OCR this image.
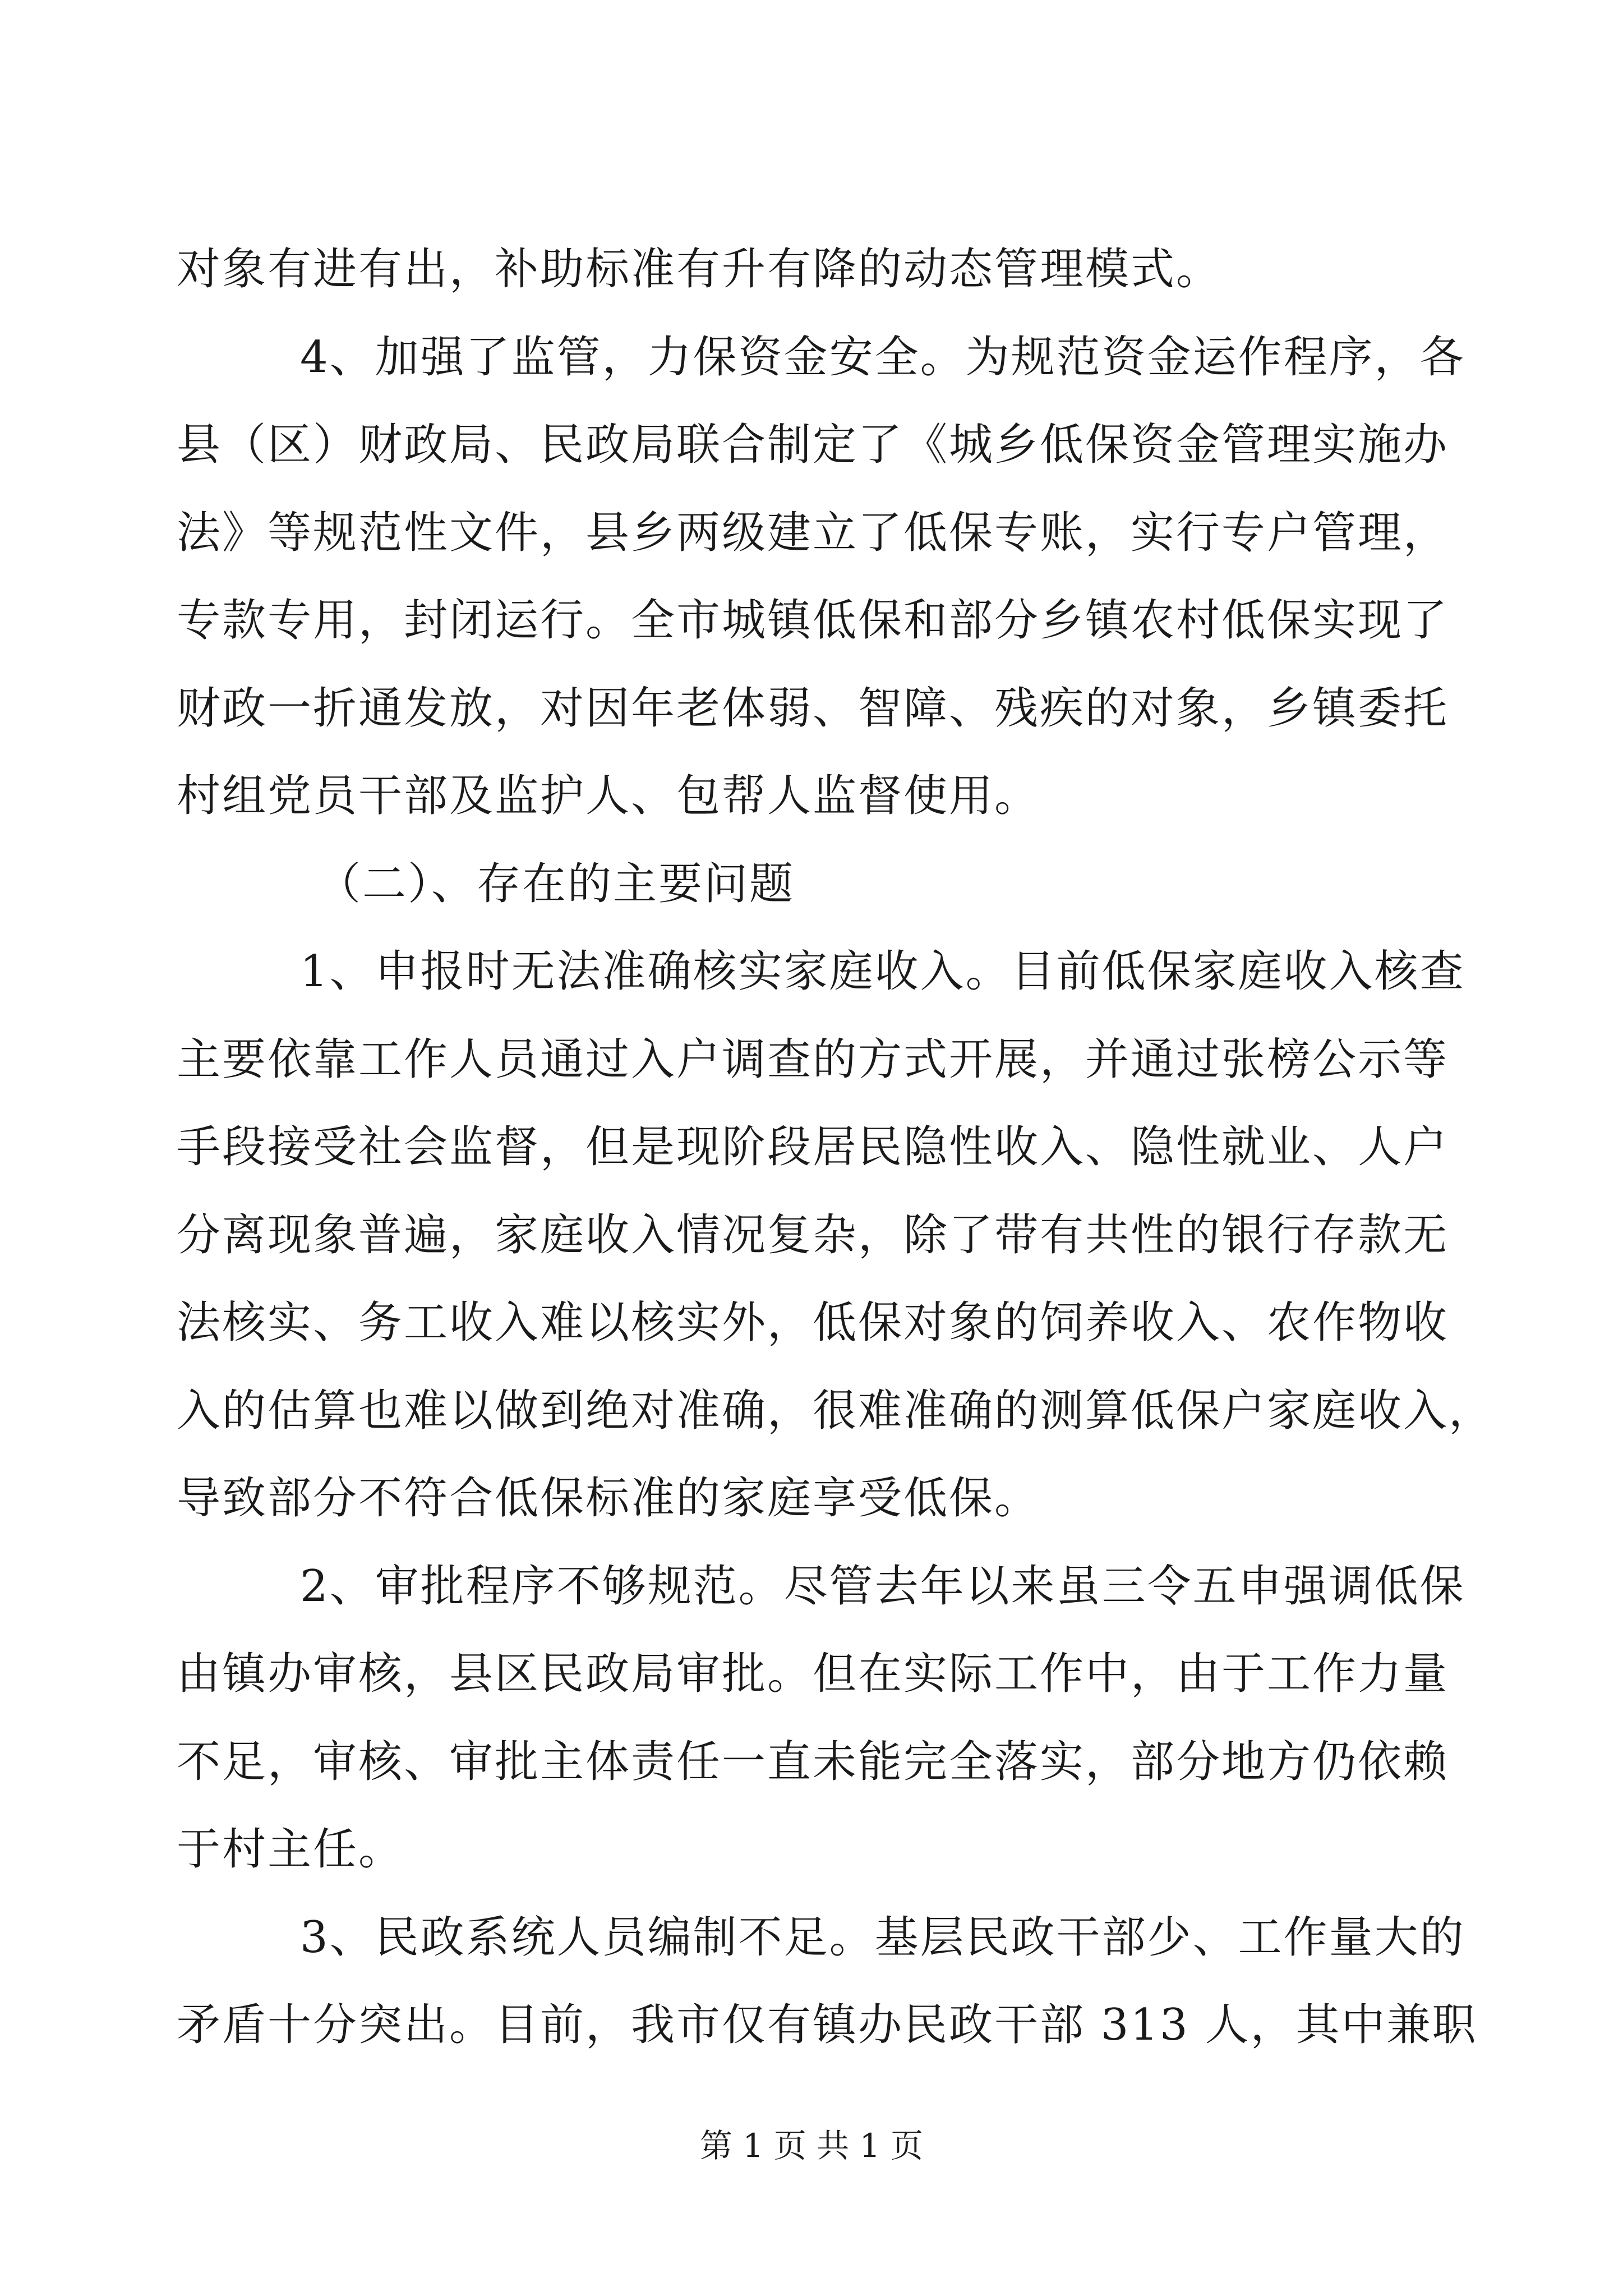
对象有进有出，补助标准有升有降的动态管理模式。
4、加强了监管，力保资金安全。为规范资金运作程序，各
县（区）财政局、民政局联合制定了《城乡低保资金管理实施办
法》等规范性文件，县乡两级建立了低保专账，实行专户管理，
专款专用，封闭运行。全市城镇低保和部分乡镇农村低保实现了
财政一折通发放，对因年老体弱、智障、残疾的对象，乡镇委托
村组党员干部及监护人、包帮人监督使用。
（二）、存在的主要问题
1、申报时无法准确核实家庭收入。目前低保家庭收入核查
主要依靠工作人员通过入户调查的方式开展，并通过张榜公示等
手段接受社会监督，但是现阶段居民隐性收入、隐性就业、人户
分离现象普遍，家庭收入情况复杂，除了带有共性的银行存款无
法核实、务工收入难以核实外，低保对象的饲养收入、农作物收
入的估算也难以做到绝对准确，很难准确的测算低保户家庭收入，
导致部分不符合低保标准的家庭享受低保。
2、审批程序不够规范。尽管去年以来虽三令五申强调低保
由镇办审核，县区民政局审批。但在实际工作中，由于工作力量
不足，审核、审批主体责任一直未能完全落实，部分地方仍依赖
于村主任。
3、民政系统人员编制不足。基层民政干部少、工作量大的
矛盾十分突出。目前，我市仅有镇办民政干部 313 人，其中兼职
第 1 页 共 1 页
